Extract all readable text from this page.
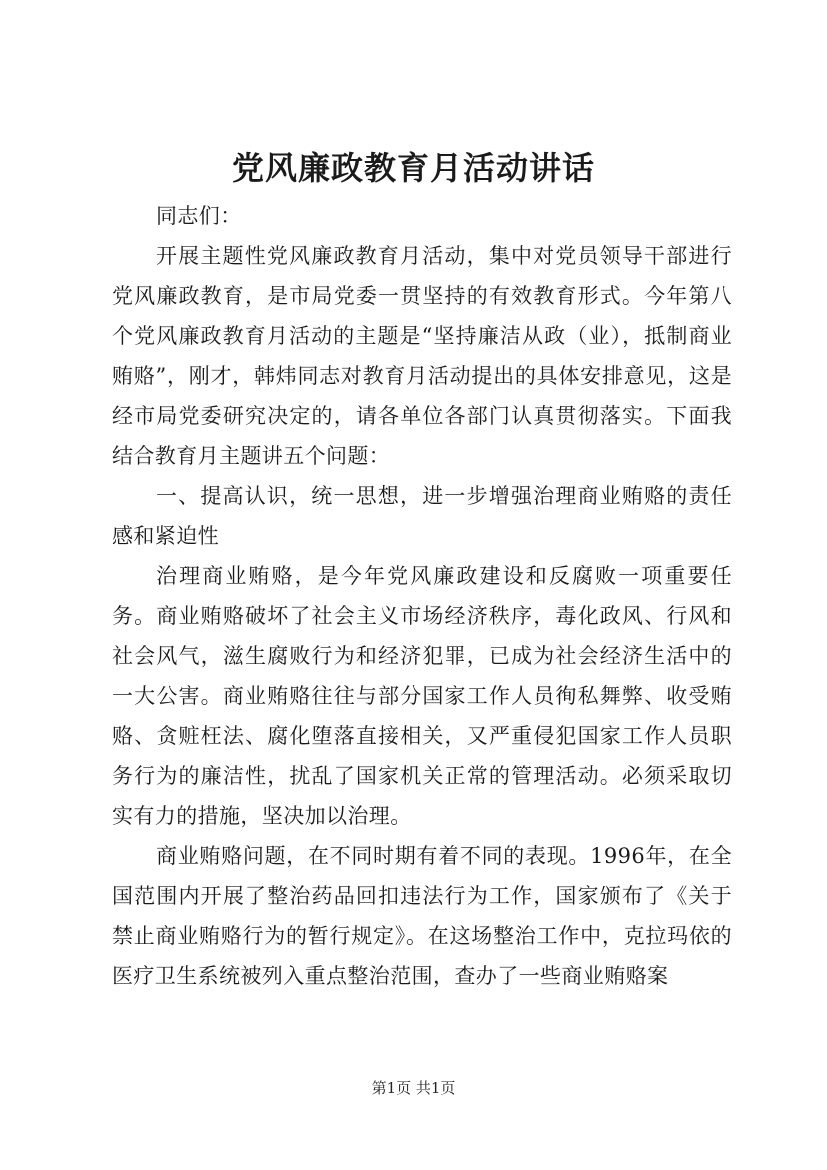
党风廉政教育月活动讲话

同志们：

开展主题性党风廉政教育月活动，集中对党员领导干部进行党风廉政教育，是市局党委一贯坚持的有效教育形式。今年第八个党风廉政教育月活动的主题是“坚持廉洁从政（业），抵制商业贿赂”，刚才，韩炜同志对教育月活动提出的具体安排意见，这是经市局党委研究决定的，请各单位各部门认真贯彻落实。下面我结合教育月主题讲五个问题：

一、提高认识，统一思想，进一步增强治理商业贿赂的责任感和紧迫性

治理商业贿赂，是今年党风廉政建设和反腐败一项重要任务。商业贿赂破坏了社会主义市场经济秩序，毒化政风、行风和社会风气，滋生腐败行为和经济犯罪，已成为社会经济生活中的一大公害。商业贿赂往往与部分国家工作人员徇私舞弊、收受贿赂、贪赃枉法、腐化堕落直接相关，又严重侵犯国家工作人员职务行为的廉洁性，扰乱了国家机关正常的管理活动。必须采取切实有力的措施，坚决加以治理。

商业贿赂问题，在不同时期有着不同的表现。1996年，在全国范围内开展了整治药品回扣违法行为工作，国家颁布了《关于禁止商业贿赂行为的暂行规定》。在这场整治工作中，克拉玛依的医疗卫生系统被列入重点整治范围，查办了一些商业贿赂案

第1页 共1页
